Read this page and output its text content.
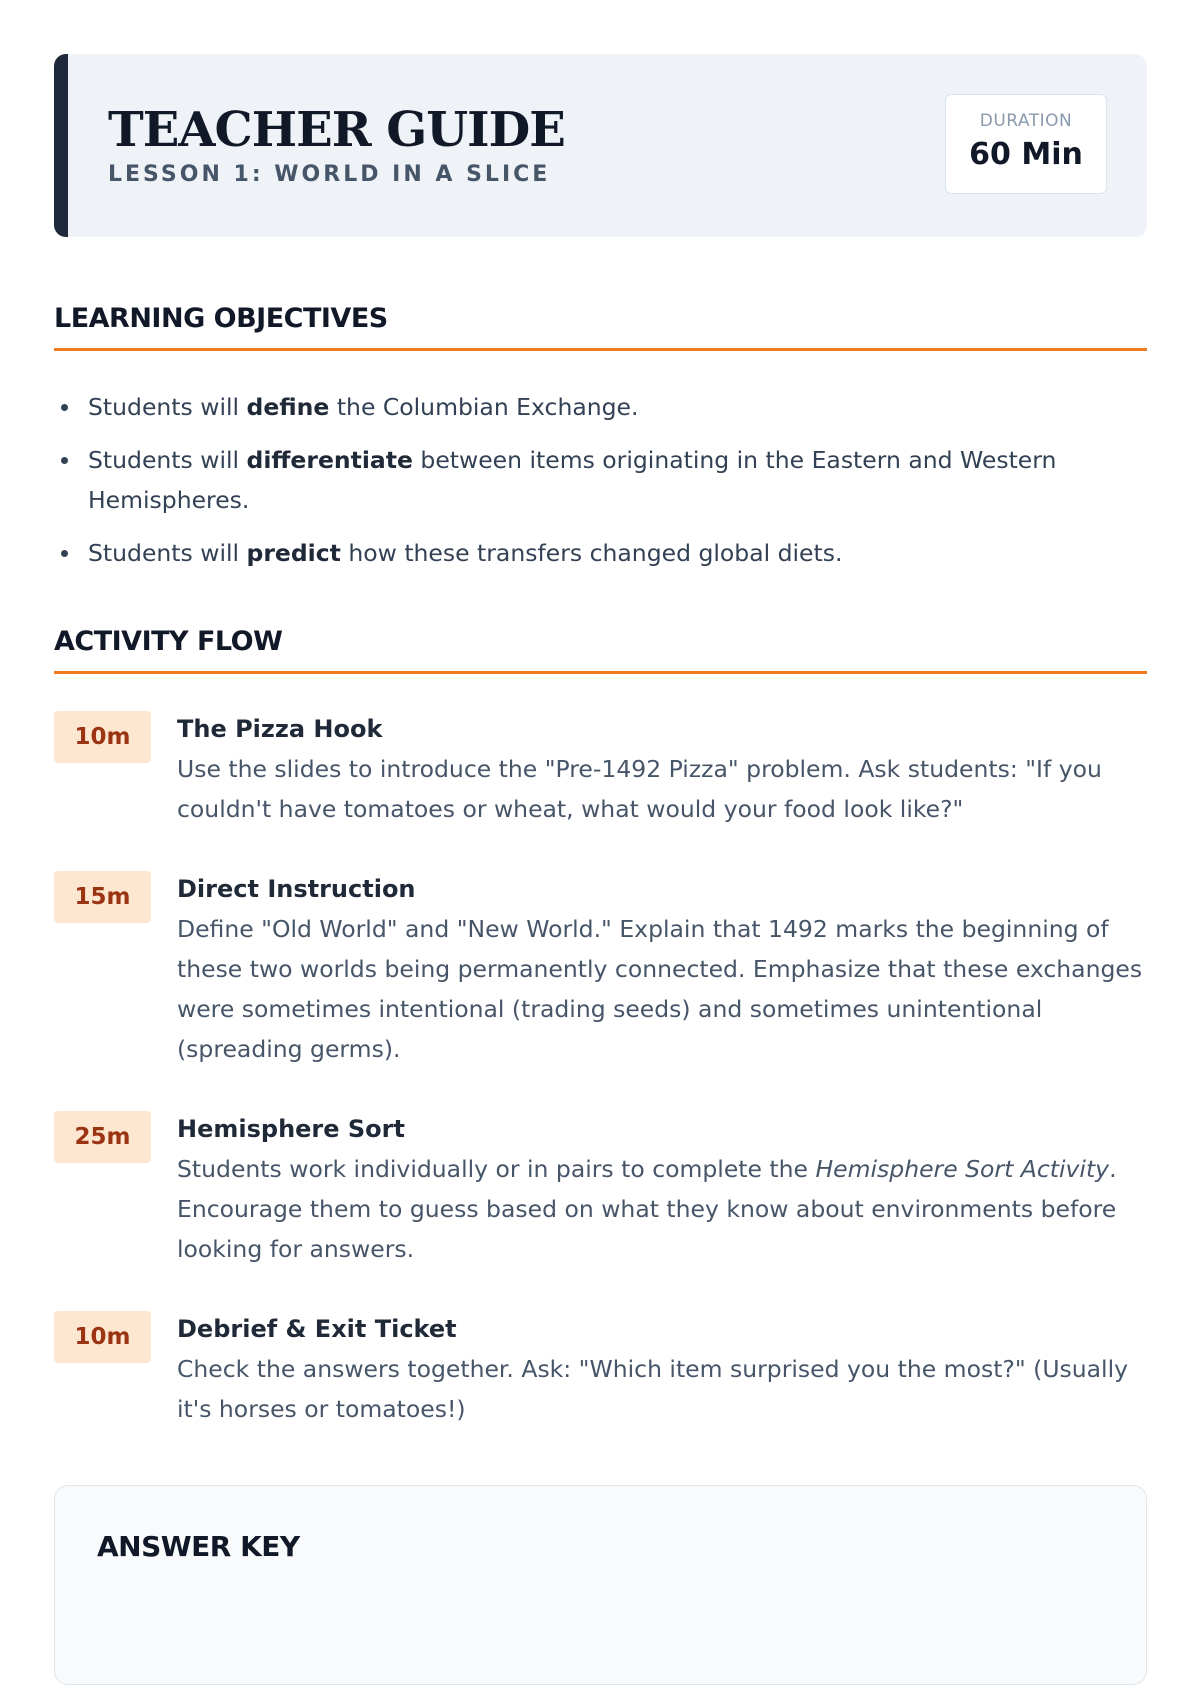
TEACHER GUIDE
LESSON 1: WORLD IN A SLICE
DURATION
60 Min
LEARNING OBJECTIVES
Students will define the Columbian Exchange.
Students will differentiate between items originating in the Eastern and Western Hemispheres.
Students will predict how these transfers changed global diets.
ACTIVITY FLOW
10m	The Pizza Hook

Use the slides to introduce the "Pre-1492 Pizza" problem. Ask students: "If you couldn't have tomatoes or wheat, what would your food look like?"

15m	Direct Instruction

Define "Old World" and "New World." Explain that 1492 marks the beginning of these two worlds being permanently connected. Emphasize that these exchanges were sometimes intentional (trading seeds) and sometimes unintentional (spreading germs).

25m	Hemisphere Sort

Students work individually or in pairs to complete the Hemisphere Sort Activity. Encourage them to guess based on what they know about environments before looking for answers.

10m	Debrief & Exit Ticket

Check the answers together. Ask: "Which item surprised you the most?" (Usually it's horses or tomatoes!)

ANSWER KEY
